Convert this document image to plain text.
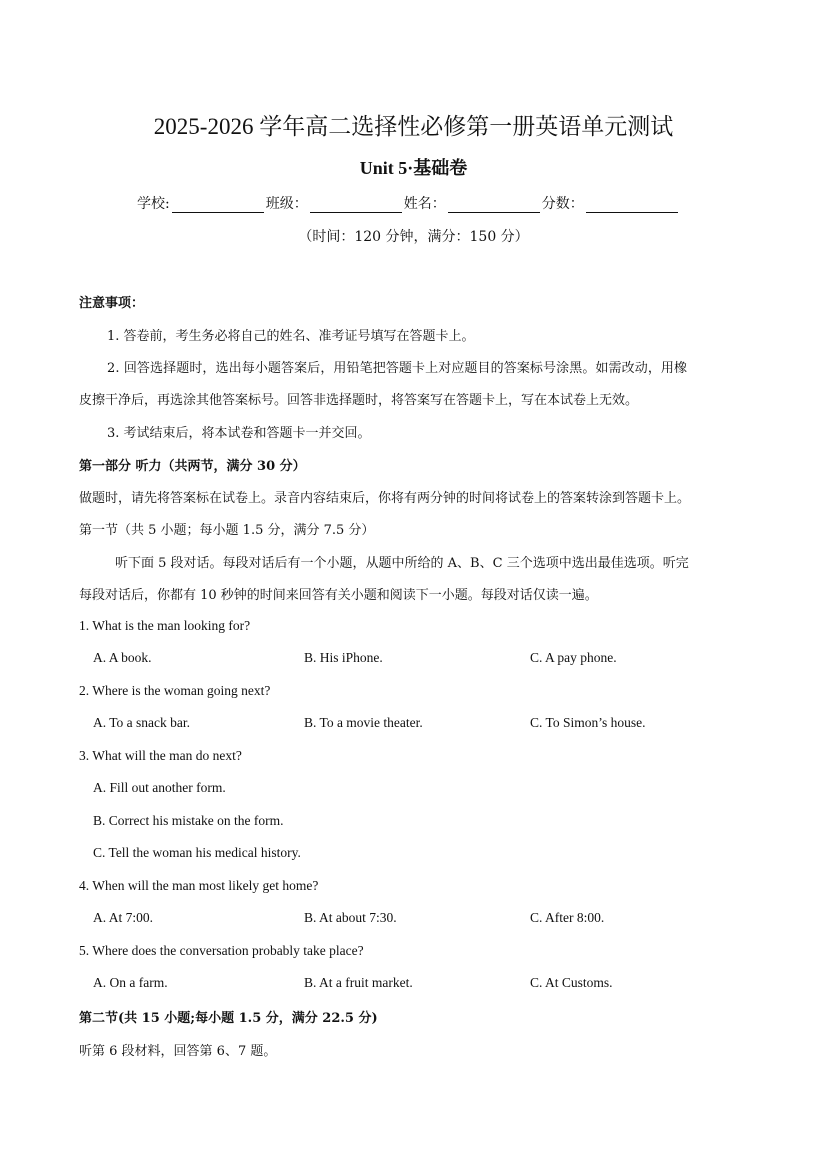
2025-2026 学年高二选择性必修第一册英语单元测试
Unit 5·基础卷
学校:	班级：	姓名：	分数：
（时间：120 分钟，满分：150 分）
注意事项：
1. 答卷前，考生务必将自己的姓名、准考证号填写在答题卡上。
2. 回答选择题时，选出每小题答案后，用铅笔把答题卡上对应题目的答案标号涂黑。如需改动，用橡
皮擦干净后，再选涂其他答案标号。回答非选择题时，将答案写在答题卡上，写在本试卷上无效。
3. 考试结束后，将本试卷和答题卡一并交回。
第一部分 听力（共两节，满分 30 分）
做题时，请先将答案标在试卷上。录音内容结束后，你将有两分钟的时间将试卷上的答案转涂到答题卡上。
第一节（共 5 小题；每小题 1.5 分，满分 7.5 分）
听下面 5 段对话。每段对话后有一个小题，从题中所给的 A、B、C 三个选项中选出最佳选项。听完
每段对话后，你都有 10 秒钟的时间来回答有关小题和阅读下一小题。每段对话仅读一遍。
1. What is the man looking for?
A. A book.	B. His iPhone.	C. A pay phone.
2. Where is the woman going next?
A. To a snack bar.	B. To a movie theater.	C. To Simon’s house.
3. What will the man do next?
A. Fill out another form.
B. Correct his mistake on the form.
C. Tell the woman his medical history.
4. When will the man most likely get home?
A. At 7:00.	B. At about 7:30.	C. After 8:00.
5. Where does the conversation probably take place?
A. On a farm.	B. At a fruit market.	C. At Customs.
第二节(共 15 小题;每小题 1.5 分，满分 22.5 分)
听第 6 段材料，回答第 6、7 题。
